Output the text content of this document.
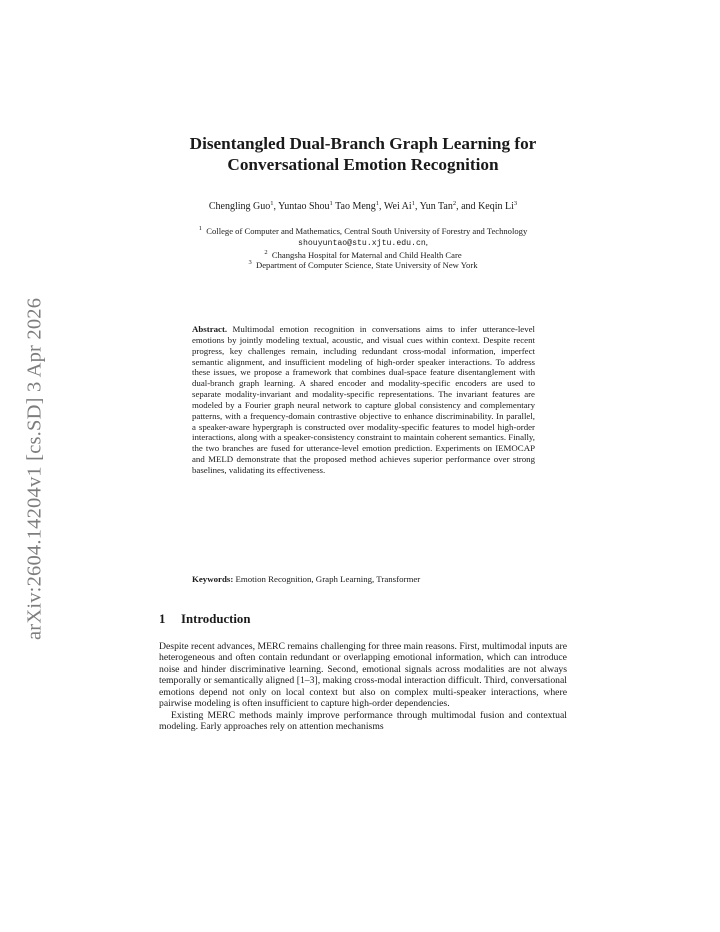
arXiv:2604.14204v1 [cs.SD] 3 Apr 2026
Disentangled Dual-Branch Graph Learning for
Conversational Emotion Recognition
Chengling Guo$^1$, Yuntao Shou$^1$ Tao Meng$^1$, Wei Ai$^1$, Yun Tan$^2$, and Keqin Li$^3$
$^1$ College of Computer and Mathematics, Central South University of Forestry and Technology
shouyuntao@stu.xjtu.edu.cn,
$^2$ Changsha Hospital for Maternal and Child Health Care
$^3$ Department of Computer Science, State University of New York
Abstract. Multimodal emotion recognition in conversations aims to infer utterance-level emotions by jointly modeling textual, acoustic, and visual cues within context. Despite recent progress, key challenges remain, including redundant cross-modal information, imperfect semantic alignment, and insufficient modeling of high-order speaker interactions. To address these issues, we propose a framework that combines dual-space feature disentanglement with dual-branch graph learning. A shared encoder and modality-specific encoders are used to separate modality-invariant and modality-specific representations. The invariant features are modeled by a Fourier graph neural network to capture global consistency and complementary patterns, with a frequency-domain contrastive objective to enhance discriminability. In parallel, a speaker-aware hypergraph is constructed over modality-specific features to model high-order interactions, along with a speaker-consistency constraint to maintain coherent semantics. Finally, the two branches are fused for utterance-level emotion prediction. Experiments on IEMOCAP and MELD demonstrate that the proposed method achieves superior performance over strong baselines, validating its effectiveness.
Keywords: Emotion Recognition, Graph Learning, Transformer
1 Introduction

Despite recent advances, MERC remains challenging for three main reasons. First, multimodal inputs are heterogeneous and often contain redundant or overlapping emotional information, which can introduce noise and hinder discriminative learning. Second, emotional signals across modalities are not always temporally or semantically aligned [1–3], making cross-modal interaction difficult. Third, conversational emotions depend not only on local context but also on complex multi-speaker interactions, where pairwise modeling is often insufficient to capture high-order dependencies.

Existing MERC methods mainly improve performance through multimodal fusion and contextual modeling. Early approaches rely on attention mechanisms
